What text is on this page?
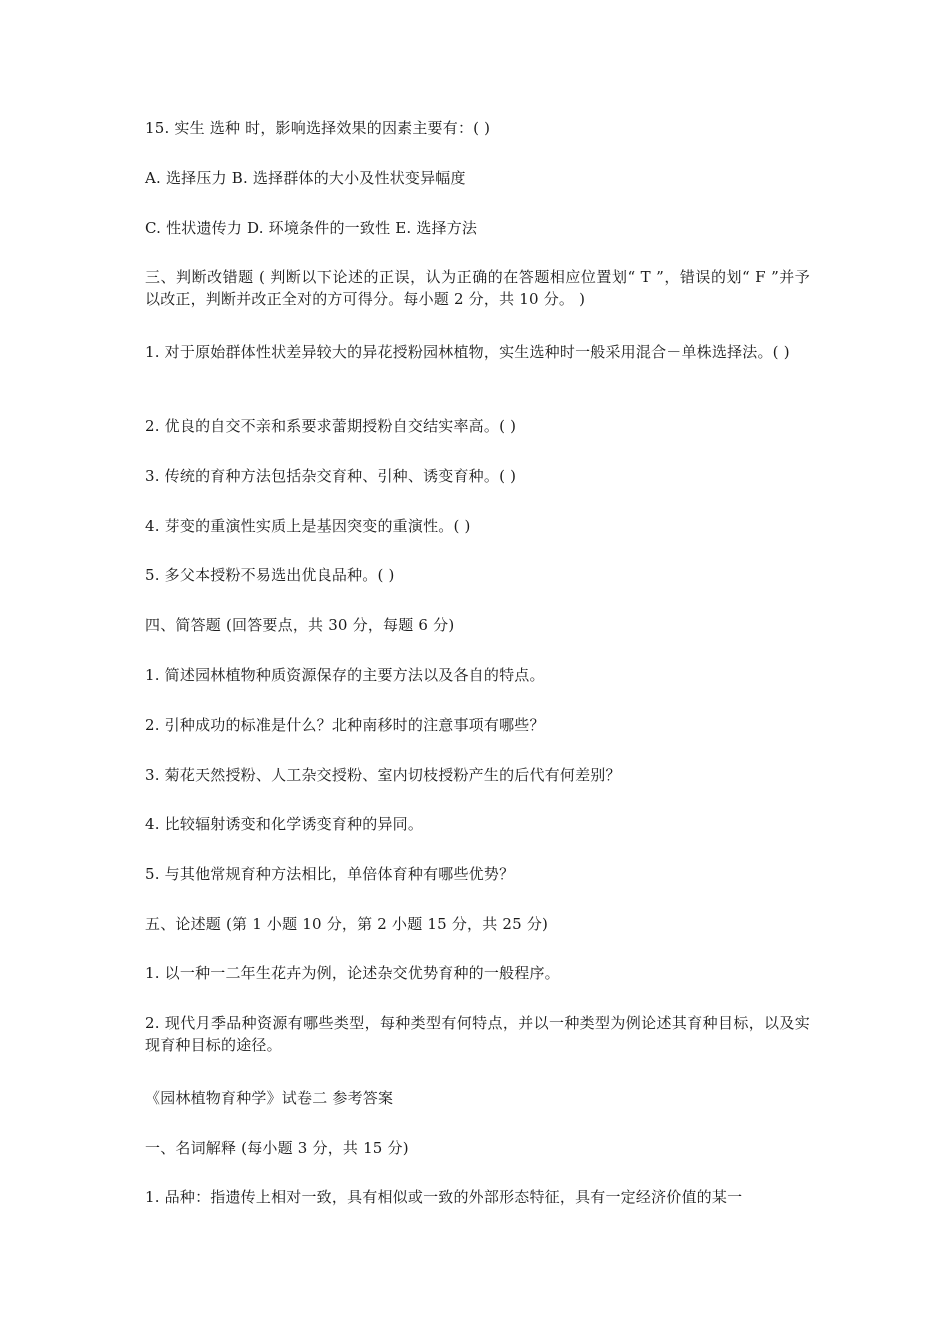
15. 实生 选种 时，影响选择效果的因素主要有：( )
A. 选择压力 B. 选择群体的大小及性状变异幅度
C. 性状遗传力 D. 环境条件的一致性 E. 选择方法
三、判断改错题 ( 判断以下论述的正误，认为正确的在答题相应位置划“ T ”，错误的划“ F ”并予以改正，判断并改正全对的方可得分。每小题 2 分，共 10 分。 )
1. 对于原始群体性状差异较大的异花授粉园林植物，实生选种时一般采用混合－单株选择法。( )
2. 优良的自交不亲和系要求蕾期授粉自交结实率高。( )
3. 传统的育种方法包括杂交育种、引种、诱变育种。( )
4. 芽变的重演性实质上是基因突变的重演性。( )
5. 多父本授粉不易选出优良品种。( )
四、简答题 (回答要点，共 30 分，每题 6 分)
1. 简述园林植物种质资源保存的主要方法以及各自的特点。
2. 引种成功的标准是什么？北种南移时的注意事项有哪些？
3. 菊花天然授粉、人工杂交授粉、室内切枝授粉产生的后代有何差别？
4. 比较辐射诱变和化学诱变育种的异同。
5. 与其他常规育种方法相比，单倍体育种有哪些优势？
五、论述题 (第 1 小题 10 分，第 2 小题 15 分，共 25 分)
1. 以一种一二年生花卉为例，论述杂交优势育种的一般程序。
2. 现代月季品种资源有哪些类型，每种类型有何特点，并以一种类型为例论述其育种目标，以及实现育种目标的途径。
《园林植物育种学》试卷二 参考答案
一、名词解释 (每小题 3 分，共 15 分)
1. 品种：指遗传上相对一致，具有相似或一致的外部形态特征，具有一定经济价值的某一
